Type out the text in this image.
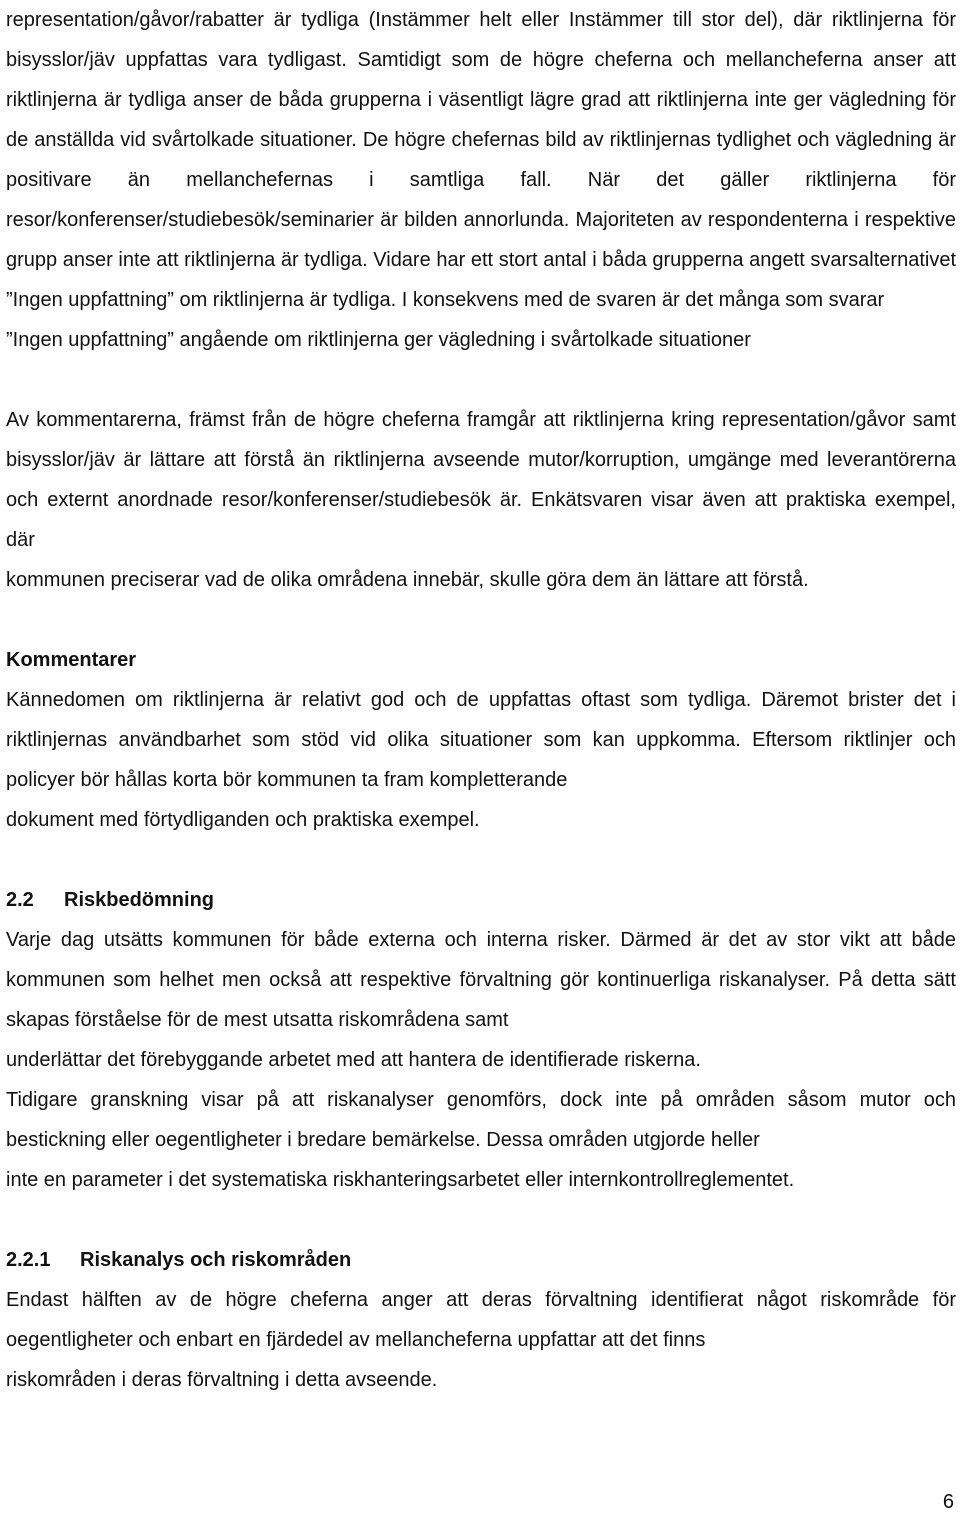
representation/gåvor/rabatter är tydliga (Instämmer helt eller Instämmer till stor del), där riktlinjerna för bisysslor/jäv uppfattas vara tydligast. Samtidigt som de högre cheferna och mellancheferna anser att riktlinjerna är tydliga anser de båda grupperna i väsentligt lägre grad att riktlinjerna inte ger vägledning för de anställda vid svårtolkade situationer. De högre chefernas bild av riktlinjernas tydlighet och vägledning är positivare än mellanchefernas i samtliga fall. När det gäller riktlinjerna för resor/konferenser/studiebesök/seminarier är bilden annorlunda. Majoriteten av respondenterna i respektive grupp anser inte att riktlinjerna är tydliga. Vidare har ett stort antal i båda grupperna angett svarsalternativet ”Ingen uppfattning” om riktlinjerna är tydliga. I konsekvens med de svaren är det många som svarar

”Ingen uppfattning” angående om riktlinjerna ger vägledning i svårtolkade situationer

Av kommentarerna, främst från de högre cheferna framgår att riktlinjerna kring representation/gåvor samt bisysslor/jäv är lättare att förstå än riktlinjerna avseende mutor/korruption, umgänge med leverantörerna och externt anordnade resor/konferenser/studiebesök är. Enkätsvaren visar även att praktiska exempel, där

kommunen preciserar vad de olika områdena innebär, skulle göra dem än lättare att förstå.

Kommentarer

Kännedomen om riktlinjerna är relativt god och de uppfattas oftast som tydliga. Däremot brister det i riktlinjernas användbarhet som stöd vid olika situationer som kan uppkomma. Eftersom riktlinjer och policyer bör hållas korta bör kommunen ta fram kompletterande

dokument med förtydliganden och praktiska exempel.

2.2 Riskbedömning

Varje dag utsätts kommunen för både externa och interna risker. Därmed är det av stor vikt att både kommunen som helhet men också att respektive förvaltning gör kontinuerliga riskanalyser. På detta sätt skapas förståelse för de mest utsatta riskområdena samt

underlättar det förebyggande arbetet med att hantera de identifierade riskerna.

Tidigare granskning visar på att riskanalyser genomförs, dock inte på områden såsom mutor och bestickning eller oegentligheter i bredare bemärkelse. Dessa områden utgjorde heller

inte en parameter i det systematiska riskhanteringsarbetet eller internkontrollreglementet.

2.2.1 Riskanalys och riskområden

Endast hälften av de högre cheferna anger att deras förvaltning identifierat något riskområde för oegentligheter och enbart en fjärdedel av mellancheferna uppfattar att det finns

riskområden i deras förvaltning i detta avseende.

6
